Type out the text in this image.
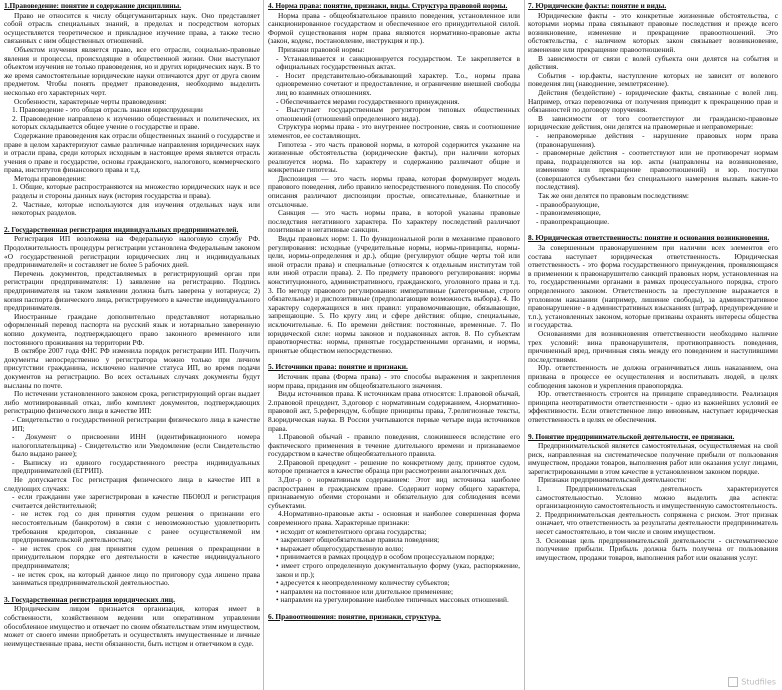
1.Правоведение: понятие и содержание дисциплины.

Право не относится к числу общегуманитарных наук. Оно представляет собой отрасль специальных знаний, в пределах и посредством которых осуществляется теоретическое и прикладное изучение права, а также тесно связанных с ним общественных отношений.

Объектом изучения является право, все его отрасли, социально-правовые явления и процессы, происходящие в общественной жизни. Они выступают объектом изучения не только правоведения, но и других юридических наук. В то же время самостоятельные юридические науки отличаются друг от друга своим предметом. Чтобы понять предмет правоведения, необходимо выделить несколько его характерных черт.

Особенности, характерные черты правоведения:

1. Правоведение - это общая отрасль знания юриспруденции

2. Правоведение направлено к изучению общественных и политических, их которых складывается общее учение о государстве и праве.

Содержание правоведения как отрасли общественных знаний о государстве и праве в целом характеризуют самые различные направления юридических наук и отрасли права, среди которых исходным в настоящее время является отрасль учения о праве и государстве, основы гражданского, налогового, коммерческого права, институтов финансового права и т.д.

Методы правоведения:

1. Общие, которые распространяются на множество юридических наук и все разделы и стороны данных наук (история государства и права).

2. Частные, которые используются для изучения отдельных наук или некоторых разделов.

2. Государственная регистрация индивидуальных предпринимателей.

Регистрация ИП возложена на Федеральную налоговую службу РФ. Продолжительность процедуры регистрации установлена Федеральным законом «О государственной регистрации юридических лиц и индивидуальных предпринимателей» и составляет не более 5 рабочих дней.

Перечень документов, представляемых в регистрирующий орган при регистрации предпринимателя: 1) заявление на регистрацию. Подпись предпринимателя на таком заявлении должна быть заверена у нотариуса; 2) копия паспорта физического лица, регистрируемого в качестве индивидуального предпринимателя.

Иностранные граждане дополнительно представляют нотариально оформленный перевод паспорта на русский язык и нотариально заверенную копию документа, подтверждающего право законного временного или постоянного проживания на территории РФ.

В октябре 2007 года ФНС РФ изменила порядок регистрации ИП. Получить документы непосредственно у регистратора можно только при личном присутствии гражданина, исключено наличие статуса ИП, во время подачи документов на регистрацию. Во всех остальных случаях документы будут высланы по почте.

По истечении установленного законом срока, регистрирующий орган выдает либо мотивированный отказ, либо комплект документов, подтверждающих регистрацию физического лица в качестве ИП:

- Свидетельство о государственной регистрации физического лица в качестве ИП;

- Документ о присвоении ИНН (идентификационного номера налогоплательщика) - Свидетельство или Уведомление (если Свидетельство было выдано ранее);

- Выписку из единого государственного реестра индивидуальных предпринимателей (ЕГРИП).

Не допускается Гос регистрация физического лица в качестве ИП в следующих случаях:

- если гражданин уже зарегистрирован в качестве ПБОЮЛ и регистрация считается действительной;

- не истек год со дня принятия судом решения о признании его несостоятельным (банкротом) в связи с невозможностью удовлетворить требования кредиторов, связанные с ранее осуществляемой им предпринимательской деятельностью;

- не истек срок со дня принятия судом решения о прекращении в принудительном порядке его деятельности в качестве индивидуального предпринимателя;

- не истек срок, на который данное лицо по приговору суда лишено права заниматься предпринимательской деятельностью.

3. Государственная регистрация юридических лиц.

Юридическим лицом признается организация, которая имеет в собственности, хозяйственном ведении или оперативном управлении обособленное имущество и отвечает по своим обязательствам этим имуществом, может от своего имени приобретать и осуществлять имущественные и личные неимущественные права, нести обязанности, быть истцом и ответчиком в суде.

4. Норма права: понятие, признаки, виды. Структура правовой нормы.

Норма права - общеобязательное правило поведения, установленное или санкционированное государством и обеспеченное его принудительной силой. Формой существования норм права являются нормативно-правовые акты (закон, кодекс, постановление, инструкция и пр.).

Признаки правовой нормы:

- Устанавливается и санкционируется государством. Т.е закрепляется в официальных государственных актах.

- Носит представительно-обязывающий характер. Т.о., нормы права одновременно сочетают и предоставление, и ограничение внешней свободы лиц во взаимных отношениях.

- Обеспечивается мерами государственного принуждения.

- Выступает государственным регулятором типовых общественных отношений (отношений определенного вида).

Структура нормы права - это внутреннее построение, связь и соотношение элементов, ее составляющих.

Гипотеза - это часть правовой нормы, в которой содержится указание на жизненные обстоятельства (юридические факты), при наличии которых реализуется норма. По характеру и содержанию различают общие и конкретные гипотезы.

Диспозиция — это часть нормы права, которая формулирует модель правового поведения, либо правило непосредственного поведения. По способу описания различают диспозиции простые, описательные, бланкетные и отсылочные.

Санкция — это часть нормы права, в которой указаны правовые последствия негативного характера. По характеру последствий различают позитивные и негативные санкции.

Виды правовых норм: 1. По функциональной роли в механизме правового регулирования: исходные (учредительные нормы, нормы-принципы, нормы-цели, нормы-определения и др.), общие (регулируют общие черты той или иной отрасли права) и специальные (относятся к отдельным институтам той или иной отрасли права). 2. По предмету правового регулирования: нормы конституционного, административного, гражданского, уголовного права и т.д. 3. По методу правового регулирования: императивные (категоричные, строго обязательные) и диспозитивные (предполагающие возможность выбора). 4. По характеру содержащихся в них правил: управомочивающие, обязывающие, запрещающие. 5. По кругу лиц и сфере действия: общие, специальные, исключительные. 6. По времени действия: постоянные, временные. 7. По юридической силе: нормы законов и подзаконных актов. 8. По субъектам правотворчества: нормы, принятые государственными органами, и нормы, принятые обществом непосредственно.

5. Источники права: понятие и признаки.

Источник права (Форма права) - это способы выражения и закрепления норм права, придания им общеобязательного значения.

Виды источников права. К источникам права относятся: 1.правовой обычай, 2.правовой прецедент, 3.договор с нормативным содержанием, 4.нормативно-правовой акт, 5.референдум, 6.общие принципы права, 7.религиозные тексты, 8.юридическая наука. В России учитываются первые четыре вида источников права.

1.Правовой обычай - правило поведения, сложившееся вследствие его фактического применения в течение длительного времени и признаваемое государством в качестве общеобязательного правила.

2.Правовой прецедент - решение по конкретному делу, принятое судом, которое признается в качестве образца при рассмотрении аналогичных дел.

3.Дог-р о нормативным содержанием: Этот вид источника наиболее распространен в гражданском праве. Содержит норму общего характера, признаваемую обеими сторонами и обязательную для соблюдения всеми субъектами.

4.Нормативно-правовые акты - основная и наиболее совершенная форма современного права. Характерные признаки:

• исходит от компетентного органа государства;

• закрепляет общеобязательные правила поведения;

• выражает общегосударственную волю;

• принимается в рамках процедур в особом процессуальном порядке;

• имеет строго определенную документальную форму (указ, распоряжение, закон и пр.);

• адресуется к неопределенному количеству субъектов;

• направлен на постоянное или длительное применение;

• направлен на урегулирование наиболее типичных массовых отношений.

6. Правоотношения: понятие, признаки, структура.
7. Юридические факты: понятие и виды.

Юридические факты - это конкретные жизненные обстоятельства, с которыми нормы права связывают правовые последствия и прежде всего возникновение, изменение и прекращение правоотношений. Это обстоятельства, с наличием которых закон связывает возникновение, изменение или прекращение правоотношений.

В зависимости от связи с волей субъекта они делятся на события и действия.

События - юр.факты, наступление которых не зависит от волевого поведения лиц (наводнение, землетрясение).

Действия (бездействие) - юридические факты, связанные с волей лиц. Например, отказ перевозчика от получения приводит к прекращению прав и обязанностей по договору поручения.

В зависимости от того соответствуют ли гражданско-правовые юридические действия, они делятся на правомерные и неправомерные:

- неправомерные действия - нарушение правовых норм права (правонарушения).

- правомерные действия - соответствуют или не противоречат нормам права, подразделяются на юр. акты (направлены на возникновение, изменение или прекращение правоотношений) и юр. поступки (совершаются субъектами без специального намерения вызвать какие-то последствия).

Так же они делятся по правовым последствиям:

- правообразующие,

- правоизменяющие,

- правопрекращающие.

8. Юридическая ответственность: понятие и основания возникновения.

За совершенным правонарушением при наличии всех элементов его состава наступает юридическая ответственность. Юридическая ответственность - это форма государственного принуждения, проявляющаяся в применении к правонарушителю санкций правовых норм, установленная на то, государственными органами в рамках процессуального порядка, строго определенного законом. Ответственность за преступление выражается в уголовном наказании (например, лишение свободы), за административное правонарушение - в административных взысканиях (штраф, предупреждение и т.п.), установленных законом, которые призваны охранять интересы общества и государства.

Основаниями для возникновения ответственности необходимо наличие трех условий: вина правонарушителя, противоправность поведения, причиненный вред, причинная связь между его поведением и наступившими последствиями.

Юр. ответственность не должна ограничиваться лишь наказанием, она призвана в процессе ее осуществления и воспитывать людей, в целях соблюдения законов и укрепления правопорядка.

Юр. ответственность строится на принципе справедливости. Реализация принципа неотвратимости ответственности - одно из важнейших условий ее эффективности. Если ответственное лицо виновным, наступает юридическая ответственность в целях ее обеспечения.

9. Понятие предпринимательской деятельности, ее признаки.

Предпринимательской является самостоятельная, осуществляемая на свой риск, направленная на систематическое получение прибыли от пользования имуществом, продажи товаров, выполнения работ или оказания услуг лицами, зарегистрированными в этом качестве в установленном законом порядке.

Признаки предпринимательской деятельности:

1. Предпринимательская деятельность характеризуется самостоятельностью. Условно можно выделить два аспекта: организационную самостоятельность и имущественную самостоятельность.

2. Предпринимательская деятельность сопряжена с риском. Этот признак означает, что ответственность за результаты деятельности предприниматель несет самостоятельно, в том числе и своим имуществом.

3. Основная цель предпринимательской деятельности - систематическое получение прибыли. Прибыль должна быть получена от пользования имуществом, продажи товаров, выполнения работ или оказания услуг.

Studfiles
